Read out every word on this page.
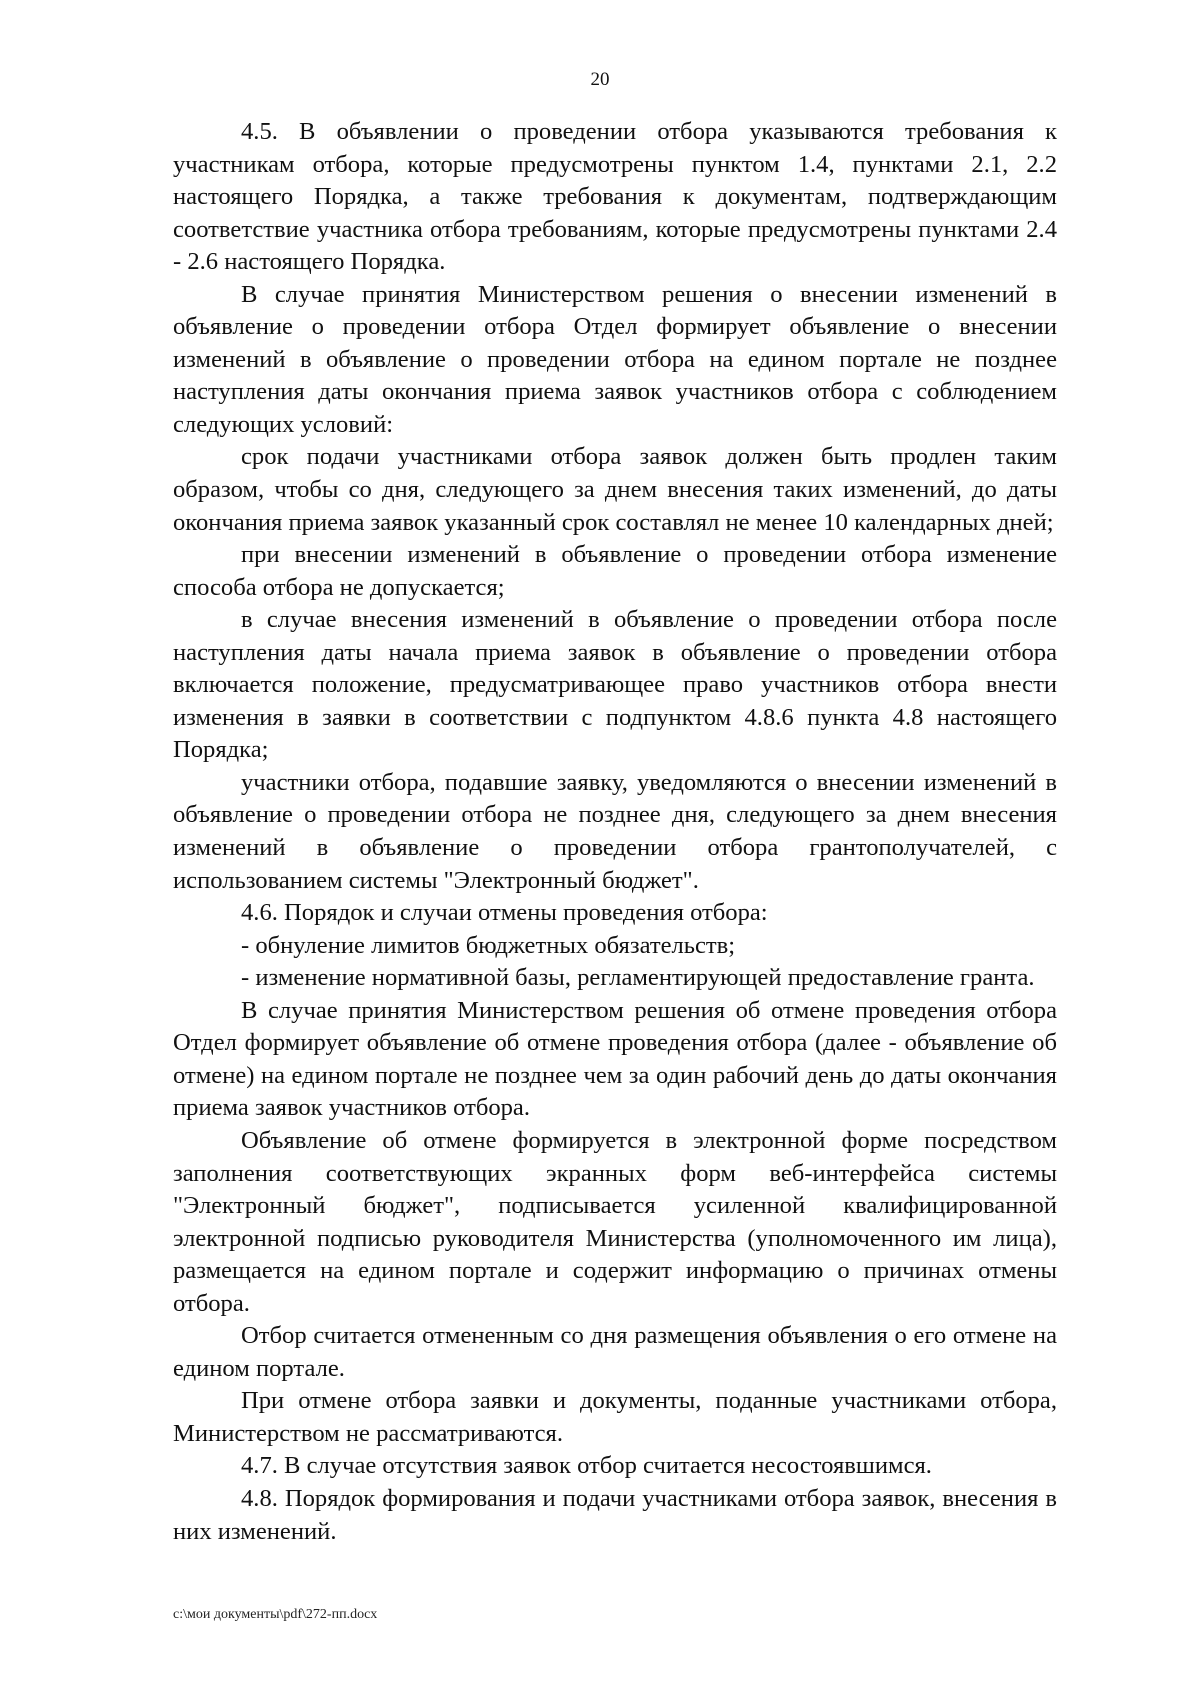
20

4.5. В объявлении о проведении отбора указываются требования к участникам отбора, которые предусмотрены пунктом 1.4, пунктами 2.1, 2.2 настоящего Порядка, а также требования к документам, подтверждающим соответствие участника отбора требованиям, которые предусмотрены пунктами 2.4 - 2.6 настоящего Порядка.

В случае принятия Министерством решения о внесении изменений в объявление о проведении отбора Отдел формирует объявление о внесении изменений в объявление о проведении отбора на едином портале не позднее наступления даты окончания приема заявок участников отбора с соблюдением следующих условий:

срок подачи участниками отбора заявок должен быть продлен таким образом, чтобы со дня, следующего за днем внесения таких изменений, до даты окончания приема заявок указанный срок составлял не менее 10 календарных дней;

при внесении изменений в объявление о проведении отбора изменение способа отбора не допускается;

в случае внесения изменений в объявление о проведении отбора после наступления даты начала приема заявок в объявление о проведении отбора включается положение, предусматривающее право участников отбора внести изменения в заявки в соответствии с подпунктом 4.8.6 пункта 4.8 настоящего Порядка;

участники отбора, подавшие заявку, уведомляются о внесении изменений в объявление о проведении отбора не позднее дня, следующего за днем внесения изменений в объявление о проведении отбора грантополучателей, с использованием системы "Электронный бюджет".

4.6. Порядок и случаи отмены проведения отбора:

- обнуление лимитов бюджетных обязательств;

- изменение нормативной базы, регламентирующей предоставление гранта.

В случае принятия Министерством решения об отмене проведения отбора Отдел формирует объявление об отмене проведения отбора (далее - объявление об отмене) на едином портале не позднее чем за один рабочий день до даты окончания приема заявок участников отбора.

Объявление об отмене формируется в электронной форме посредством заполнения соответствующих экранных форм веб-интерфейса системы "Электронный бюджет", подписывается усиленной квалифицированной электронной подписью руководителя Министерства (уполномоченного им лица), размещается на едином портале и содержит информацию о причинах отмены отбора.

Отбор считается отмененным со дня размещения объявления о его отмене на едином портале.

При отмене отбора заявки и документы, поданные участниками отбора, Министерством не рассматриваются.

4.7. В случае отсутствия заявок отбор считается несостоявшимся.

4.8. Порядок формирования и подачи участниками отбора заявок, внесения в них изменений.

c:\мои документы\pdf\272-пп.docx
